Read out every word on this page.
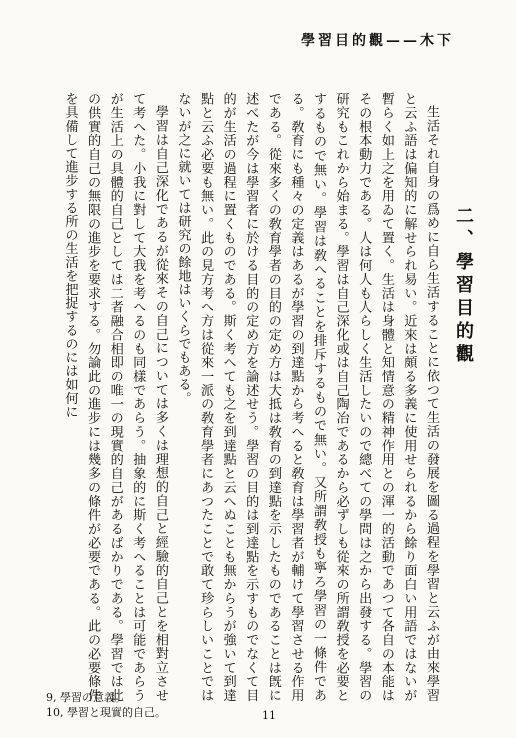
學習目的觀——木下
二、學習目的觀

生活それ自身の爲めに自ら生活することに依つて生活の發展を圖る過程を學習と云ふが由來學習と云ふ語は偏知的に解せられ易い。近來は頗る多義に使用せられるから餘り面白い用語ではないが暫らく如上之を用ゐて置く。生活は身體と知情意の精神作用との渾一的活動であつて各自の本能はその根本動力である。人は何人も人らしく生活したいので總べての學問は之から出發する。學習の研究もこれから始まる。學習は自己深化或は自己陶冶であるから必ずしも從來の所謂敎授を必要とするもので無い。學習は敎へることを排斥するもので無い。又所謂敎授も寧ろ學習の一條件である。敎育にも種々の定義はあるが學習の到達點から考へると敎育は學習者が輔けて學習させる作用である。從來多くの敎育學者の目的の定め方は大抵は敎育の到達點を示したものであることは旣に述べたが今は學習者に於ける目的の定め方を論述せう。學習の目的は到達點を示すものでなくて目的が生活の過程に置くものである。斯く考へても之を到達點と云へぬことも無からうが強いて到達點と云ふ必要も無い。此の見方考へ方は從來一派の敎育學者にあつたことで敢て珍らしいことではないが之に就いては研究の餘地はいくらでもある。

學習は自己深化であるが從來その自己については多くは理想的自己と經驗的自己とを相對立させて考へた。小我に對して大我を考へるのも同樣であらう。抽象的に斯く考へることは可能であらうが生活上の具體的自己としては二者融合相即の唯一の現實的自己があるばかりである。學習では此の供實的自己の無限の進步を要求する。勿論此の進步には幾多の條件が必要である。此の必要條件を具備して進步する所の生活を把捉するのには如何に

9, 學習の意義。
10, 學習と現實的自己。	11
